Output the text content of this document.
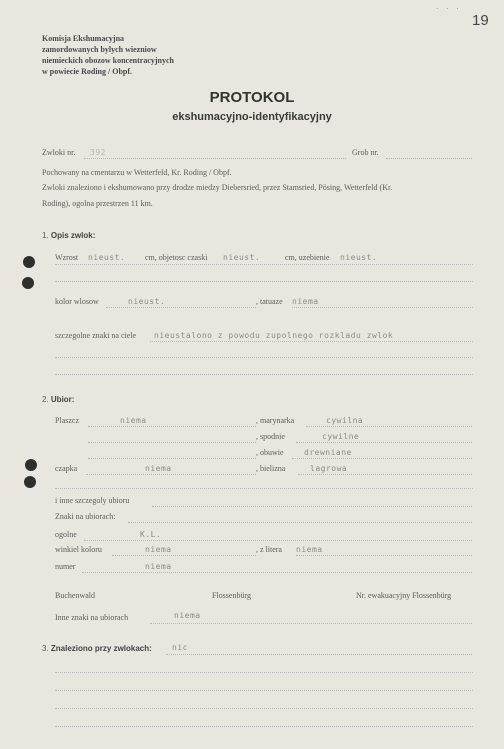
· · ·
19
Komisja Ekshumacyjna
zamordowanych bylych wiezniow
niemieckich obozow koncentracyjnych
w powiecie Roding / Obpf.
PROTOKOL
ekshumacyjno-identyfikacyjny
Zwloki nr. 392	Grob nr.
Pochowany na cmentarzu w Wetterfeld, Kr. Roding / Obpf.
Zwloki znaleziono i ekshumowano przy drodze miedzy Diebersried, przez Stamsried, Pösing, Wetterfeld (Kr.
Roding), ogolna przestrzen 11 km.
1. Opis zwlok:
Wzrost nieust. cm, objetosc czaski nieust.	cm, uzebienie nieust.
kolor wlosow	nieust.	, tatuaze niema
szczegolne znaki na ciele nieustalono z powodu zupolnego rozkladu zwlok
2. Ubior:
Plaszcz	niema	, marynarka	cywilna
, spodnie	cywilne
, obuwie	drewniane
czapka	niema	, bielizna	lagrowa
i inne szczegoly ubioru
Znaki na ubiorach:
ogolne	K.L.
winkiel koloru	niema	, z litera niema
numer	niema
Buchenwald	Flossenbürg	Nr. ewakuacyjny Flossenbürg
Inne znaki na ubiorach	niema
3. Znaleziono przy zwlokach:	nic
